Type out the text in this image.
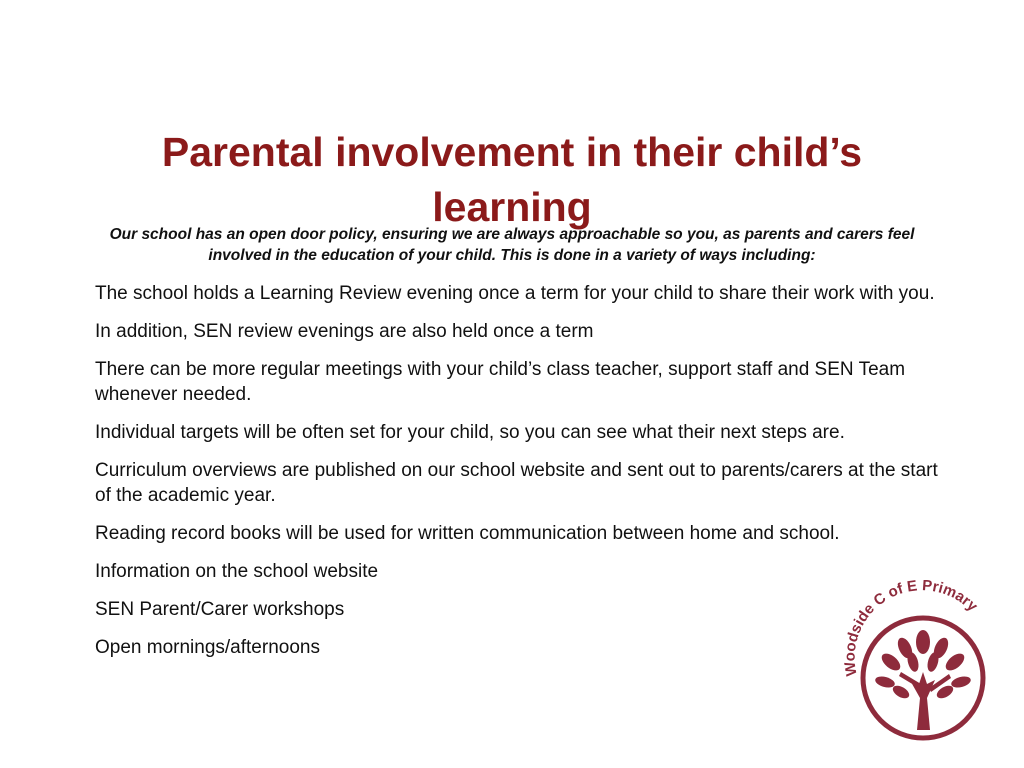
Parental involvement in their child’s
learning
Our school has an open door policy, ensuring we are always approachable so you, as parents and carers feel
involved in the education of your child. This is done in a variety of ways including:
The school holds a Learning Review evening once a term for your child to share their work with you.
In addition, SEN review evenings are also held once a term
There can be more regular meetings with your child’s class teacher, support staff and SEN Team whenever needed.
Individual targets will be often set for your child, so you can see what their next steps are.
Curriculum overviews are published on our school website and sent out to parents/carers at the start of the academic year.
Reading record books will be used for written communication between home and school.
Information on the school website
SEN Parent/Carer workshops
Open mornings/afternoons
Woodside C of E Primary
